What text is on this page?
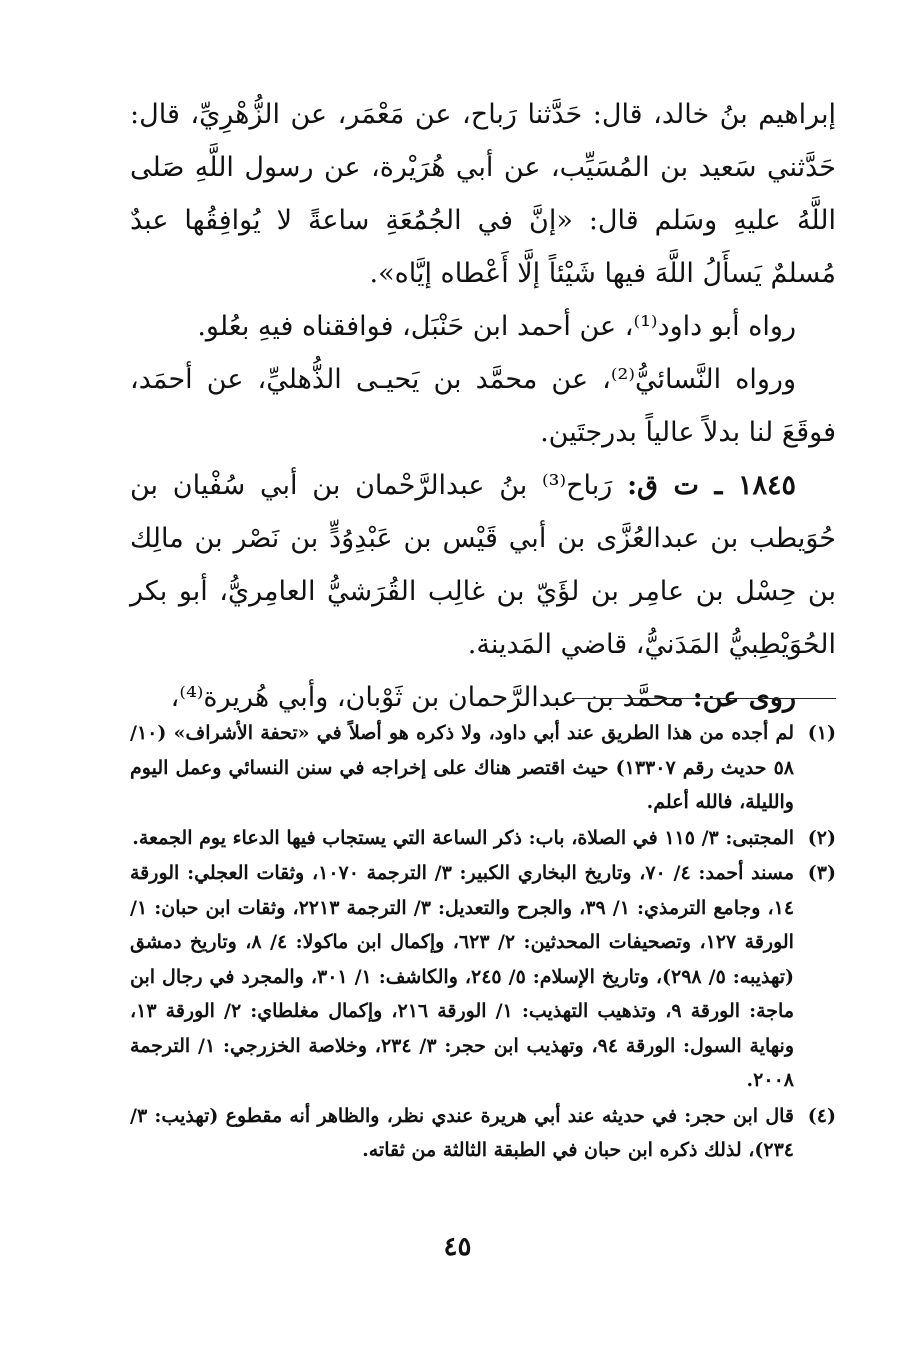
إبراهيم بنُ خالد، قال: حَدَّثنا رَباح، عن مَعْمَر، عن الزُّهْرِيِّ، قال: حَدَّثني سَعيد بن المُسَيِّب، عن أبي هُرَيْرة، عن رسول اللَّهِ صَلى اللَّهُ عليهِ وسَلم قال: «إنَّ في الجُمُعَةِ ساعةً لا يُوافِقُها عبدٌ مُسلمٌ يَسأَلُ اللَّهَ فيها شَيْئاً إلَّا أَعْطاه إيَّاه».

رواه أبو داود⁽¹⁾، عن أحمد ابن حَنْبَل، فوافقناه فيهِ بعُلو.

ورواه النَّسائيُّ⁽²⁾، عن محمَّد بن يَحيـى الذُّهليِّ، عن أحمَد، فوقَعَ لنا بدلاً عالياً بدرجتَين.

١٨٤٥ ـ ت ق: رَباح⁽³⁾ بنُ عبدالرَّحْمان بن أبي سُفْيان بن حُوَيطب بن عبدالعُزَّى بن أبي قَيْس بن عَبْدِوُدٍّ بن نَصْر بن مالِك بن حِسْل بن عامِر بن لؤَيّ بن غالِب القُرَشيُّ العامِريُّ، أبو بكر الحُوَيْطِبيُّ المَدَنيُّ، قاضي المَدينة.

روى عن: محمَّد بن عبدالرَّحمان بن ثَوْبان، وأبي هُريرة⁽⁴⁾،

(١)
لم أجده من هذا الطريق عند أبي داود، ولا ذكره هو أصلاً في «تحفة الأشراف» (١٠/ ٥٨ حديث رقم ١٣٣٠٧) حيث اقتصر هناك على إخراجه في سنن النسائي وعمل اليوم والليلة، فالله أعلم.
(٢)
المجتبى: ٣/ ١١٥ في الصلاة، باب: ذكر الساعة التي يستجاب فيها الدعاء يوم الجمعة.
(٣)
مسند أحمد: ٤/ ٧٠، وتاريخ البخاري الكبير: ٣/ الترجمة ١٠٧٠، وثقات العجلي: الورقة ١٤، وجامع الترمذي: ١/ ٣٩، والجرح والتعديل: ٣/ الترجمة ٢٢١٣، وثقات ابن حبان: ١/ الورقة ١٢٧، وتصحيفات المحدثين: ٢/ ٦٢٣، وإكمال ابن ماكولا: ٤/ ٨، وتاريخ دمشق (تهذيبه: ٥/ ٢٩٨)، وتاريخ الإسلام: ٥/ ٢٤٥، والكاشف: ١/ ٣٠١، والمجرد في رجال ابن ماجة: الورقة ٩، وتذهيب التهذيب: ١/ الورقة ٢١٦، وإكمال مغلطاي: ٢/ الورقة ١٣، ونهاية السول: الورقة ٩٤، وتهذيب ابن حجر: ٣/ ٢٣٤، وخلاصة الخزرجي: ١/ الترجمة ٢٠٠٨.
(٤)
قال ابن حجر: في حديثه عند أبي هريرة عندي نظر، والظاهر أنه مقطوع (تهذيب: ٣/ ٢٣٤)، لذلك ذكره ابن حبان في الطبقة الثالثة من ثقاته.
٤٥
